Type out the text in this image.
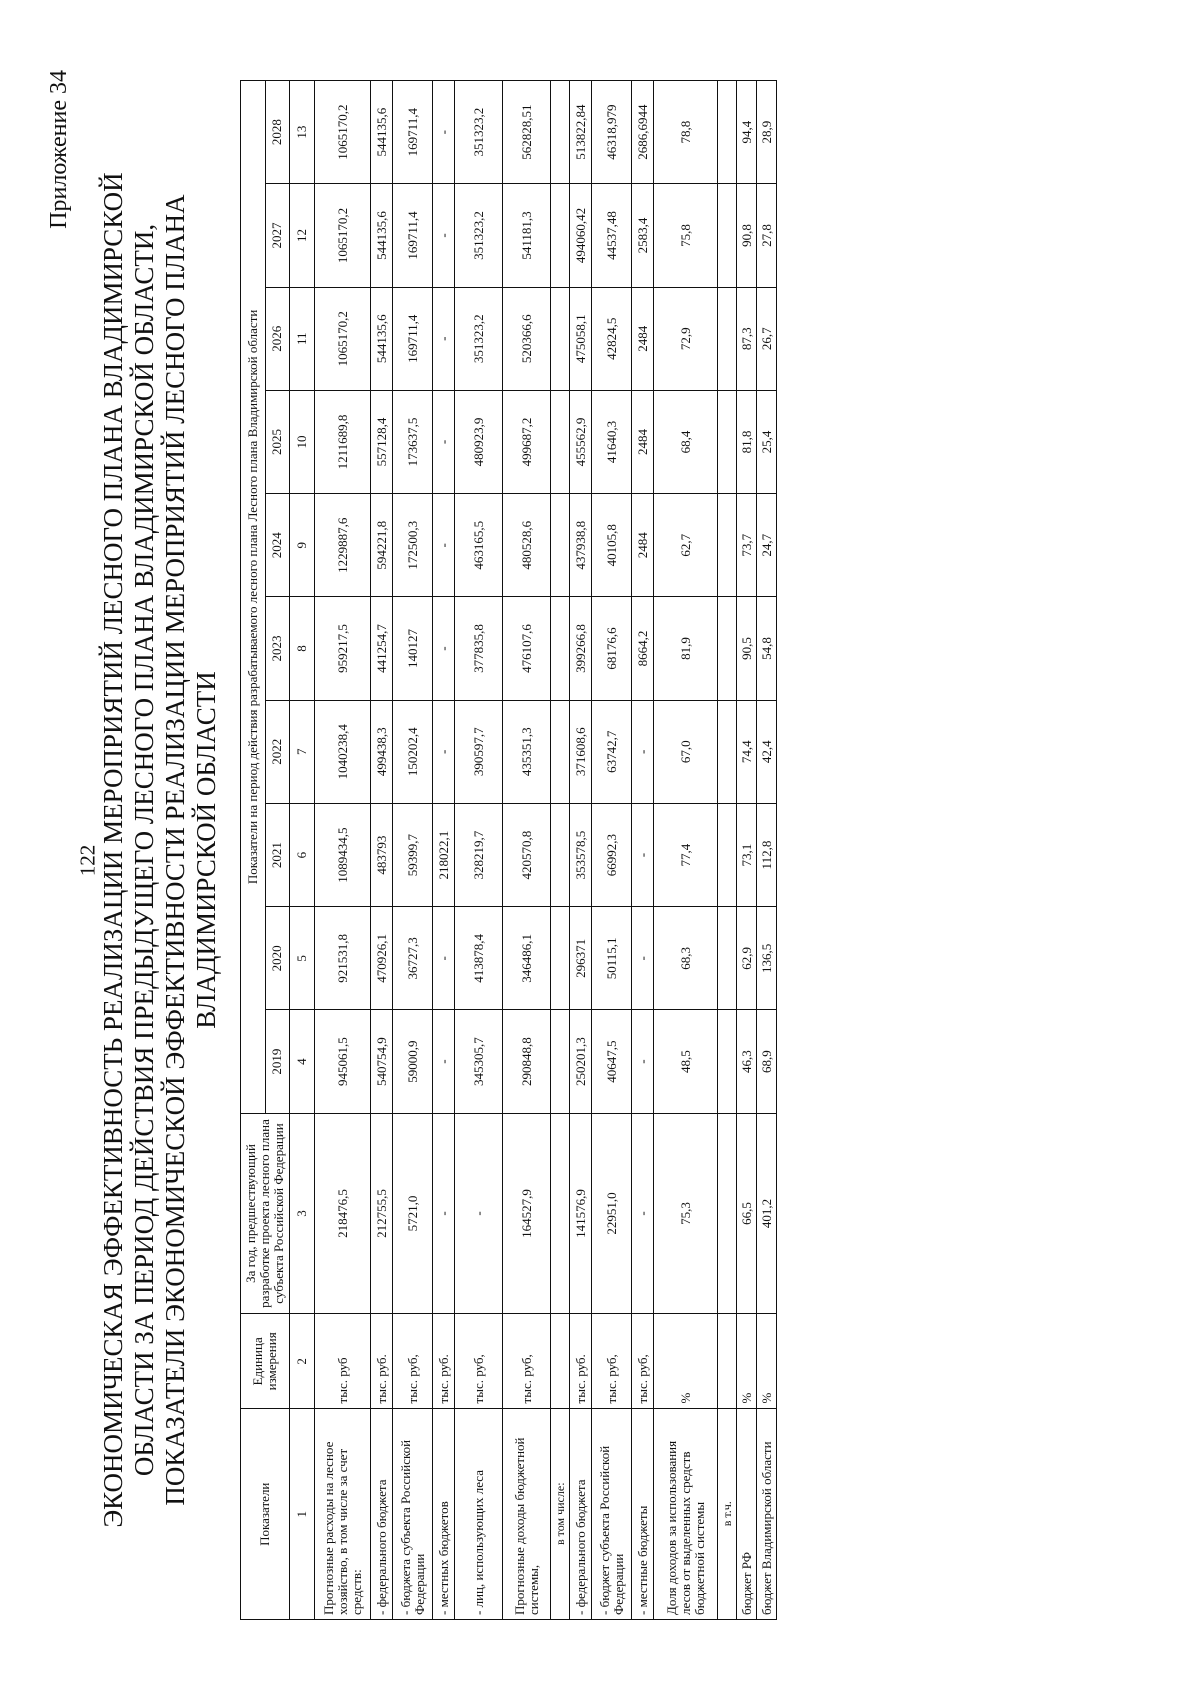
122
Приложение 34
ЭКОНОМИЧЕСКАЯ ЭФФЕКТИВНОСТЬ РЕАЛИЗАЦИИ МЕРОПРИЯТИЙ ЛЕСНОГО ПЛАНА ВЛАДИМИРСКОЙ ОБЛАСТИ ЗА ПЕРИОД ДЕЙСТВИЯ ПРЕДЫДУЩЕГО ЛЕСНОГО ПЛАНА ВЛАДИМИРСКОЙ ОБЛАСТИ, ПОКАЗАТЕЛИ ЭКОНОМИЧЕСКОЙ ЭФФЕКТИВНОСТИ РЕАЛИЗАЦИИ МЕРОПРИЯТИЙ ЛЕСНОГО ПЛАНА ВЛАДИМИРСКОЙ ОБЛАСТИ
Показатели	Единица измерения	За год, предшествующий разработке проекта лесного плана субъекта Российской Федерации	Показатели на период действия разрабатываемого лесного плана Лесного плана Владимирской области									
			2019	2020	2021	2022	2023	2024	2025	2026	2027	2028
1	2	3	4	5	6	7	8	9	10	11	12	13
Прогнозные расходы на лесное хозяйство, в том числе за счет средств:	тыс. руб	218476,5	945061,5	921531,8	1089434,5	1040238,4	959217,5	1229887,6	1211689,8	1065170,2	1065170,2	1065170,2
- федерального бюджета	тыс. руб.	212755,5	540754,9	470926,1	483793	499438,3	441254,7	594221,8	557128,4	544135,6	544135,6	544135,6
- бюджета субъекта Российской Федерации	тыс. руб,	5721,0	59000,9	36727,3	59399,7	150202,4	140127	172500,3	173637,5	169711,4	169711,4	169711,4
- местных бюджетов	тыс. руб.	-	-	-	218022,1	-	-	-	-	-	-	-
- лиц, использующих леса	тыс. руб,	-	345305,7	413878,4	328219,7	390597,7	377835,8	463165,5	480923,9	351323,2	351323,2	351323,2
Прогнозные доходы бюджетной системы,	тыс. руб,	164527,9	290848,8	346486,1	420570,8	435351,3	476107,6	480528,6	499687,2	520366,6	541181,3	562828,51
в том числе:												
- федерального бюджета	тыс. руб.	141576,9	250201,3	296371	353578,5	371608,6	399266,8	437938,8	455562,9	475058,1	494060,42	513822,84
- бюджет субъекта Российской Федерации	тыс. руб,	22951,0	40647,5	50115,1	66992,3	63742,7	68176,6	40105,8	41640,3	42824,5	44537,48	46318,979
- местные бюджеты	тыс. руб,	-	-	-	-	-	8664,2	2484	2484	2484	2583,4	2686,6944
Доля доходов за использования лесов от выделенных средств бюджетной системы	%	75,3	48,5	68,3	77,4	67,0	81,9	62,7	68,4	72,9	75,8	78,8
в т.ч.												
бюджет РФ	%	66,5	46,3	62,9	73,1	74,4	90,5	73,7	81,8	87,3	90,8	94,4
бюджет Владимирской области	%	401,2	68,9	136,5	112,8	42,4	54,8	24,7	25,4	26,7	27,8	28,9
